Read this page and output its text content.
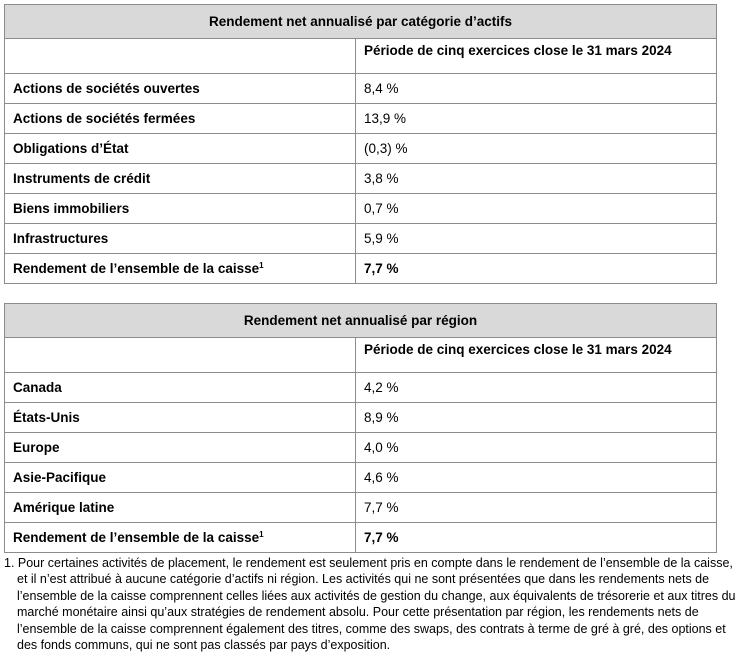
Rendement net annualisé par catégorie d’actifs	
	Période de cinq exercices close le 31 mars 2024
Actions de sociétés ouvertes	8,4 %
Actions de sociétés fermées	13,9 %
Obligations d’État	(0,3) %
Instruments de crédit	3,8 %
Biens immobiliers	0,7 %
Infrastructures	5,9 %
Rendement de l’ensemble de la caisse$^1$	7,7 %
Rendement net annualisé par région	
	Période de cinq exercices close le 31 mars 2024
Canada	4,2 %
États-Unis	8,9 %
Europe	4,0 %
Asie-Pacifique	4,6 %
Amérique latine	7,7 %
Rendement de l’ensemble de la caisse$^1$	7,7 %
1. Pour certaines activités de placement, le rendement est seulement pris en compte dans le rendement de l’ensemble de la caisse, et il n’est attribué à aucune catégorie d’actifs ni région. Les activités qui ne sont présentées que dans les rendements nets de l’ensemble de la caisse comprennent celles liées aux activités de gestion du change, aux équivalents de trésorerie et aux titres du marché monétaire ainsi qu’aux stratégies de rendement absolu. Pour cette présentation par région, les rendements nets de l’ensemble de la caisse comprennent également des titres, comme des swaps, des contrats à terme de gré à gré, des options et des fonds communs, qui ne sont pas classés par pays d’exposition.
